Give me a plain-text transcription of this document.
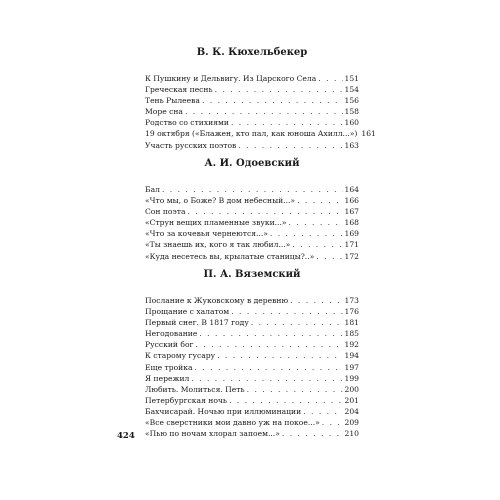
В. К. Кюхельбекер
К Пушкину и Дельвигу. Из Царского Села . . .	151
Греческая песнь . . .	154
Тень Рылеева . . .	156
Море сна . . .	158
Родство со стихиями . . .	160
19 октября («Блажен, кто пал, как юноша Ахилл...») 161
Участь русских поэтов . . .	163
А. И. Одоевский
Бал . . .	164
«Что мы, о Боже? В дом небесный...» . . .	166
Сон поэта . . .	167
«Струн вещих пламенные звуки...» . . .	168
«Что за кочевья чернеются...» . . .	169
«Ты знаешь их, кого я так любил...» . . .	171
«Куда несетесь вы, крылатые станицы?..» . . .	172
П. А. Вяземский
Послание к Жуковскому в деревню . . .	173
Прощание с халатом . . .	176
Первый снег. В 1817 году . . .	181
Негодование . . .	185
Русский бог . . .	192
К старому гусару . . .	194
Еще тройка . . .	197
Я пережил . . .	199
Любить. Молиться. Петь . . .	200
Петербургская ночь . . .	201
Бахчисарай. Ночью при иллюминации . . .	204
«Все сверстники мои давно уж на покое...» . . .	209
«Пью по ночам хлорал запоем...» . . .	210
424
